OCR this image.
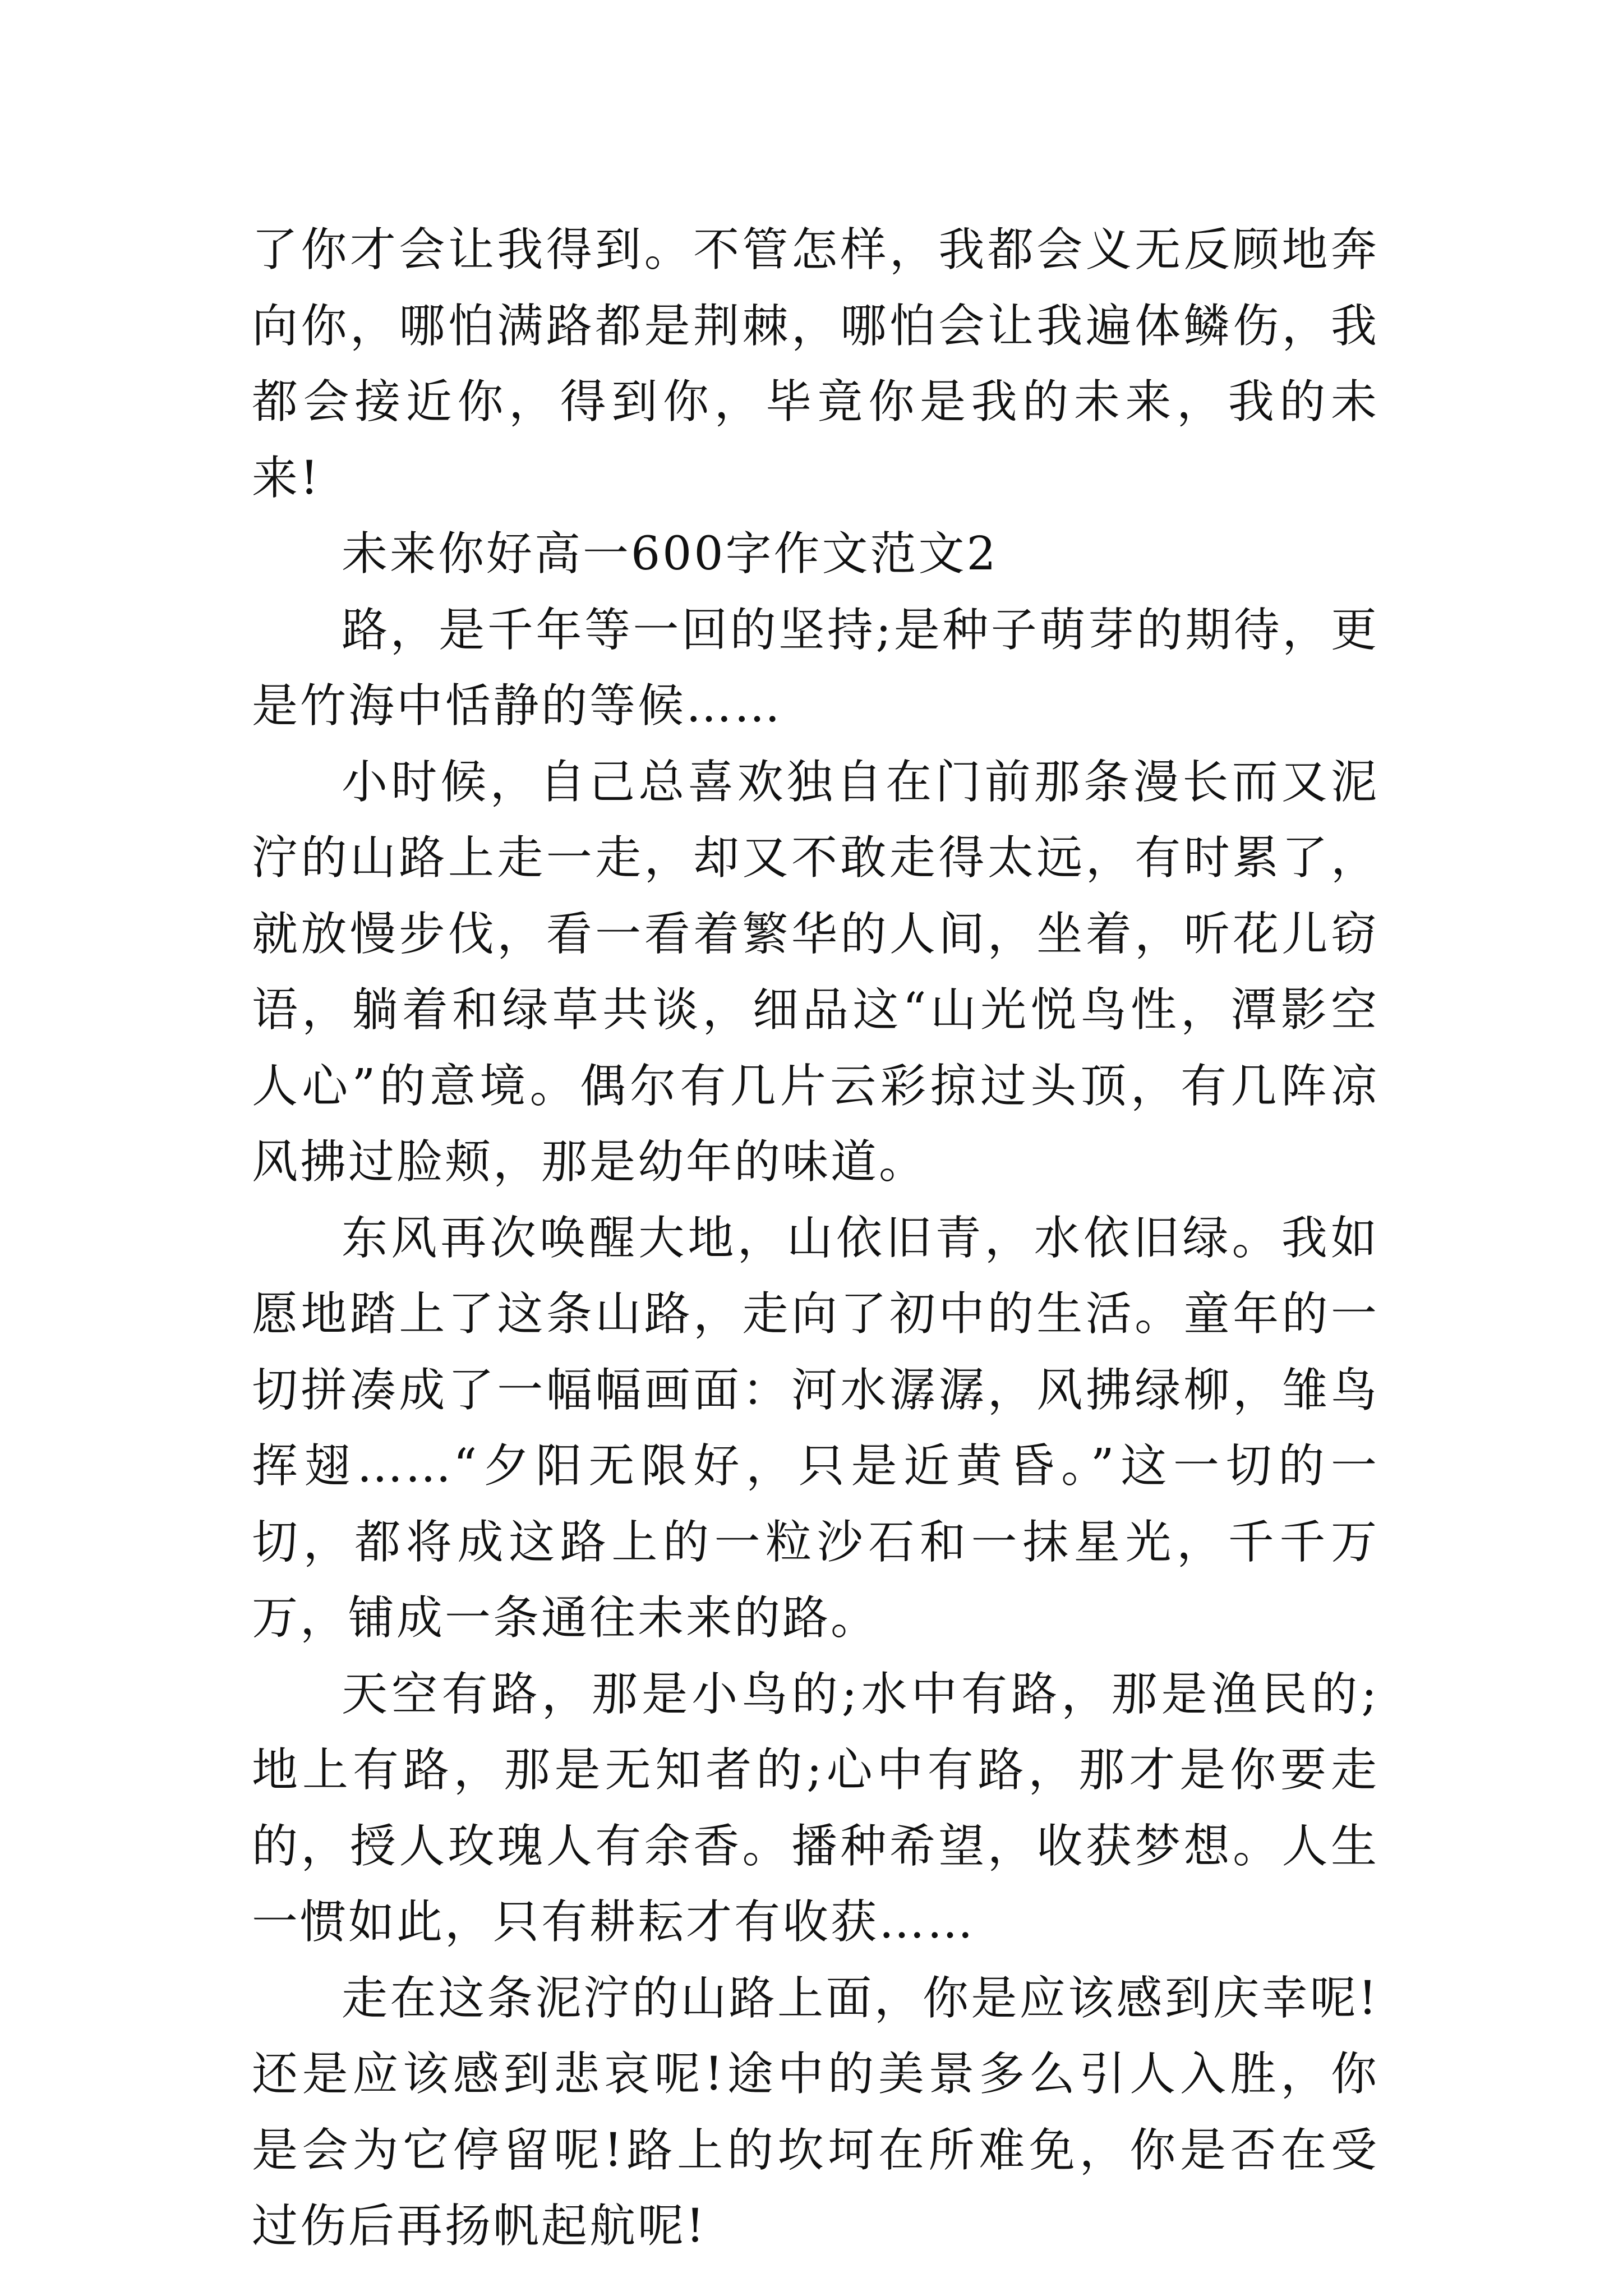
了你才会让我得到。不管怎样，我都会义无反顾地奔向你，哪怕满路都是荆棘，哪怕会让我遍体鳞伤，我都会接近你，得到你，毕竟你是我的未来，我的未来!

未来你好高一600字作文范文2

路，是千年等一回的坚持;是种子萌芽的期待，更是竹海中恬静的等候……

小时候，自己总喜欢独自在门前那条漫长而又泥泞的山路上走一走，却又不敢走得太远，有时累了，就放慢步伐，看一看着繁华的人间，坐着，听花儿窃语，躺着和绿草共谈，细品这“山光悦鸟性，潭影空人心”的意境。偶尔有几片云彩掠过头顶，有几阵凉风拂过脸颊，那是幼年的味道。

东风再次唤醒大地，山依旧青，水依旧绿。我如愿地踏上了这条山路，走向了初中的生活。童年的一切拼凑成了一幅幅画面：河水潺潺，风拂绿柳，雏鸟挥翅……“夕阳无限好，只是近黄昏。”这一切的一切，都将成这路上的一粒沙石和一抹星光，千千万万，铺成一条通往未来的路。

天空有路，那是小鸟的;水中有路，那是渔民的;地上有路，那是无知者的;心中有路，那才是你要走的，授人玫瑰人有余香。播种希望，收获梦想。人生一惯如此，只有耕耘才有收获……

走在这条泥泞的山路上面，你是应该感到庆幸呢!还是应该感到悲哀呢!途中的美景多么引人入胜，你是会为它停留呢!路上的坎坷在所难免，你是否在受过伤后再扬帆起航呢!
